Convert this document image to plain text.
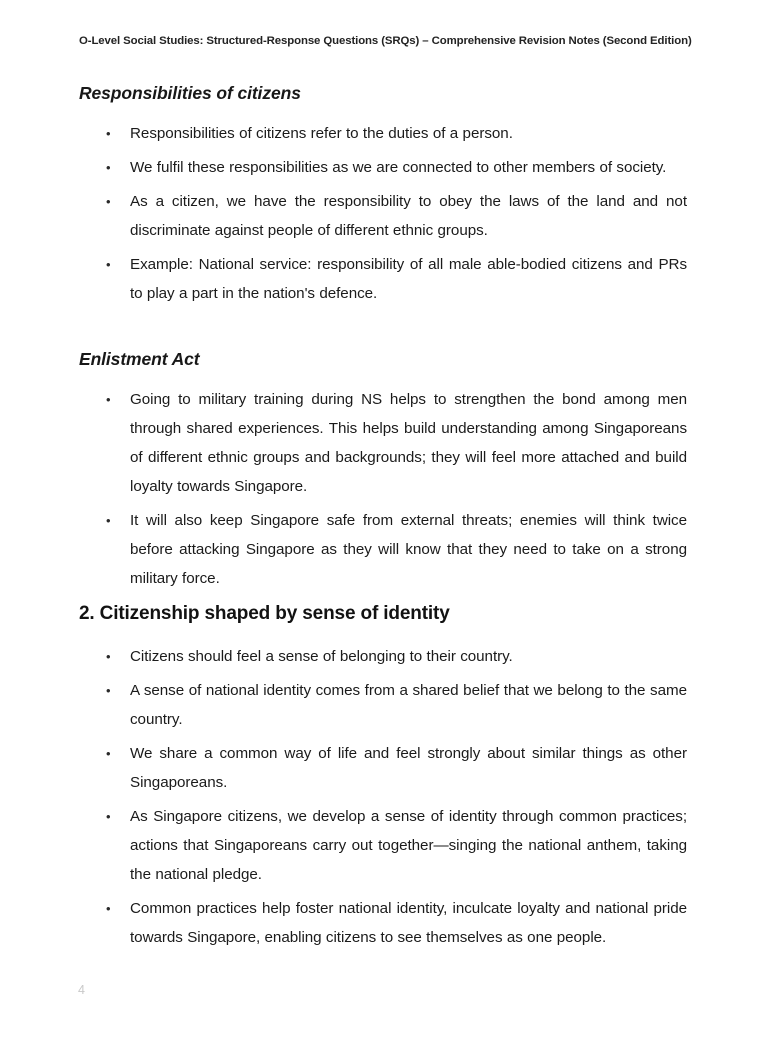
O-Level Social Studies: Structured-Response Questions (SRQs) – Comprehensive Revision Notes (Second Edition)
Responsibilities of citizens
• Responsibilities of citizens refer to the duties of a person.
• We fulfil these responsibilities as we are connected to other members of society.
• As a citizen, we have the responsibility to obey the laws of the land and not discriminate against people of different ethnic groups.
• Example: National service: responsibility of all male able-bodied citizens and PRs to play a part in the nation's defence.
Enlistment Act
• Going to military training during NS helps to strengthen the bond among men through shared experiences. This helps build understanding among Singaporeans of different ethnic groups and backgrounds; they will feel more attached and build loyalty towards Singapore.
• It will also keep Singapore safe from external threats; enemies will think twice before attacking Singapore as they will know that they need to take on a strong military force.
2. Citizenship shaped by sense of identity
• Citizens should feel a sense of belonging to their country.
• A sense of national identity comes from a shared belief that we belong to the same country.
• We share a common way of life and feel strongly about similar things as other Singaporeans.
• As Singapore citizens, we develop a sense of identity through common practices; actions that Singaporeans carry out together—singing the national anthem, taking the national pledge.
• Common practices help foster national identity, inculcate loyalty and national pride towards Singapore, enabling citizens to see themselves as one people.
4
